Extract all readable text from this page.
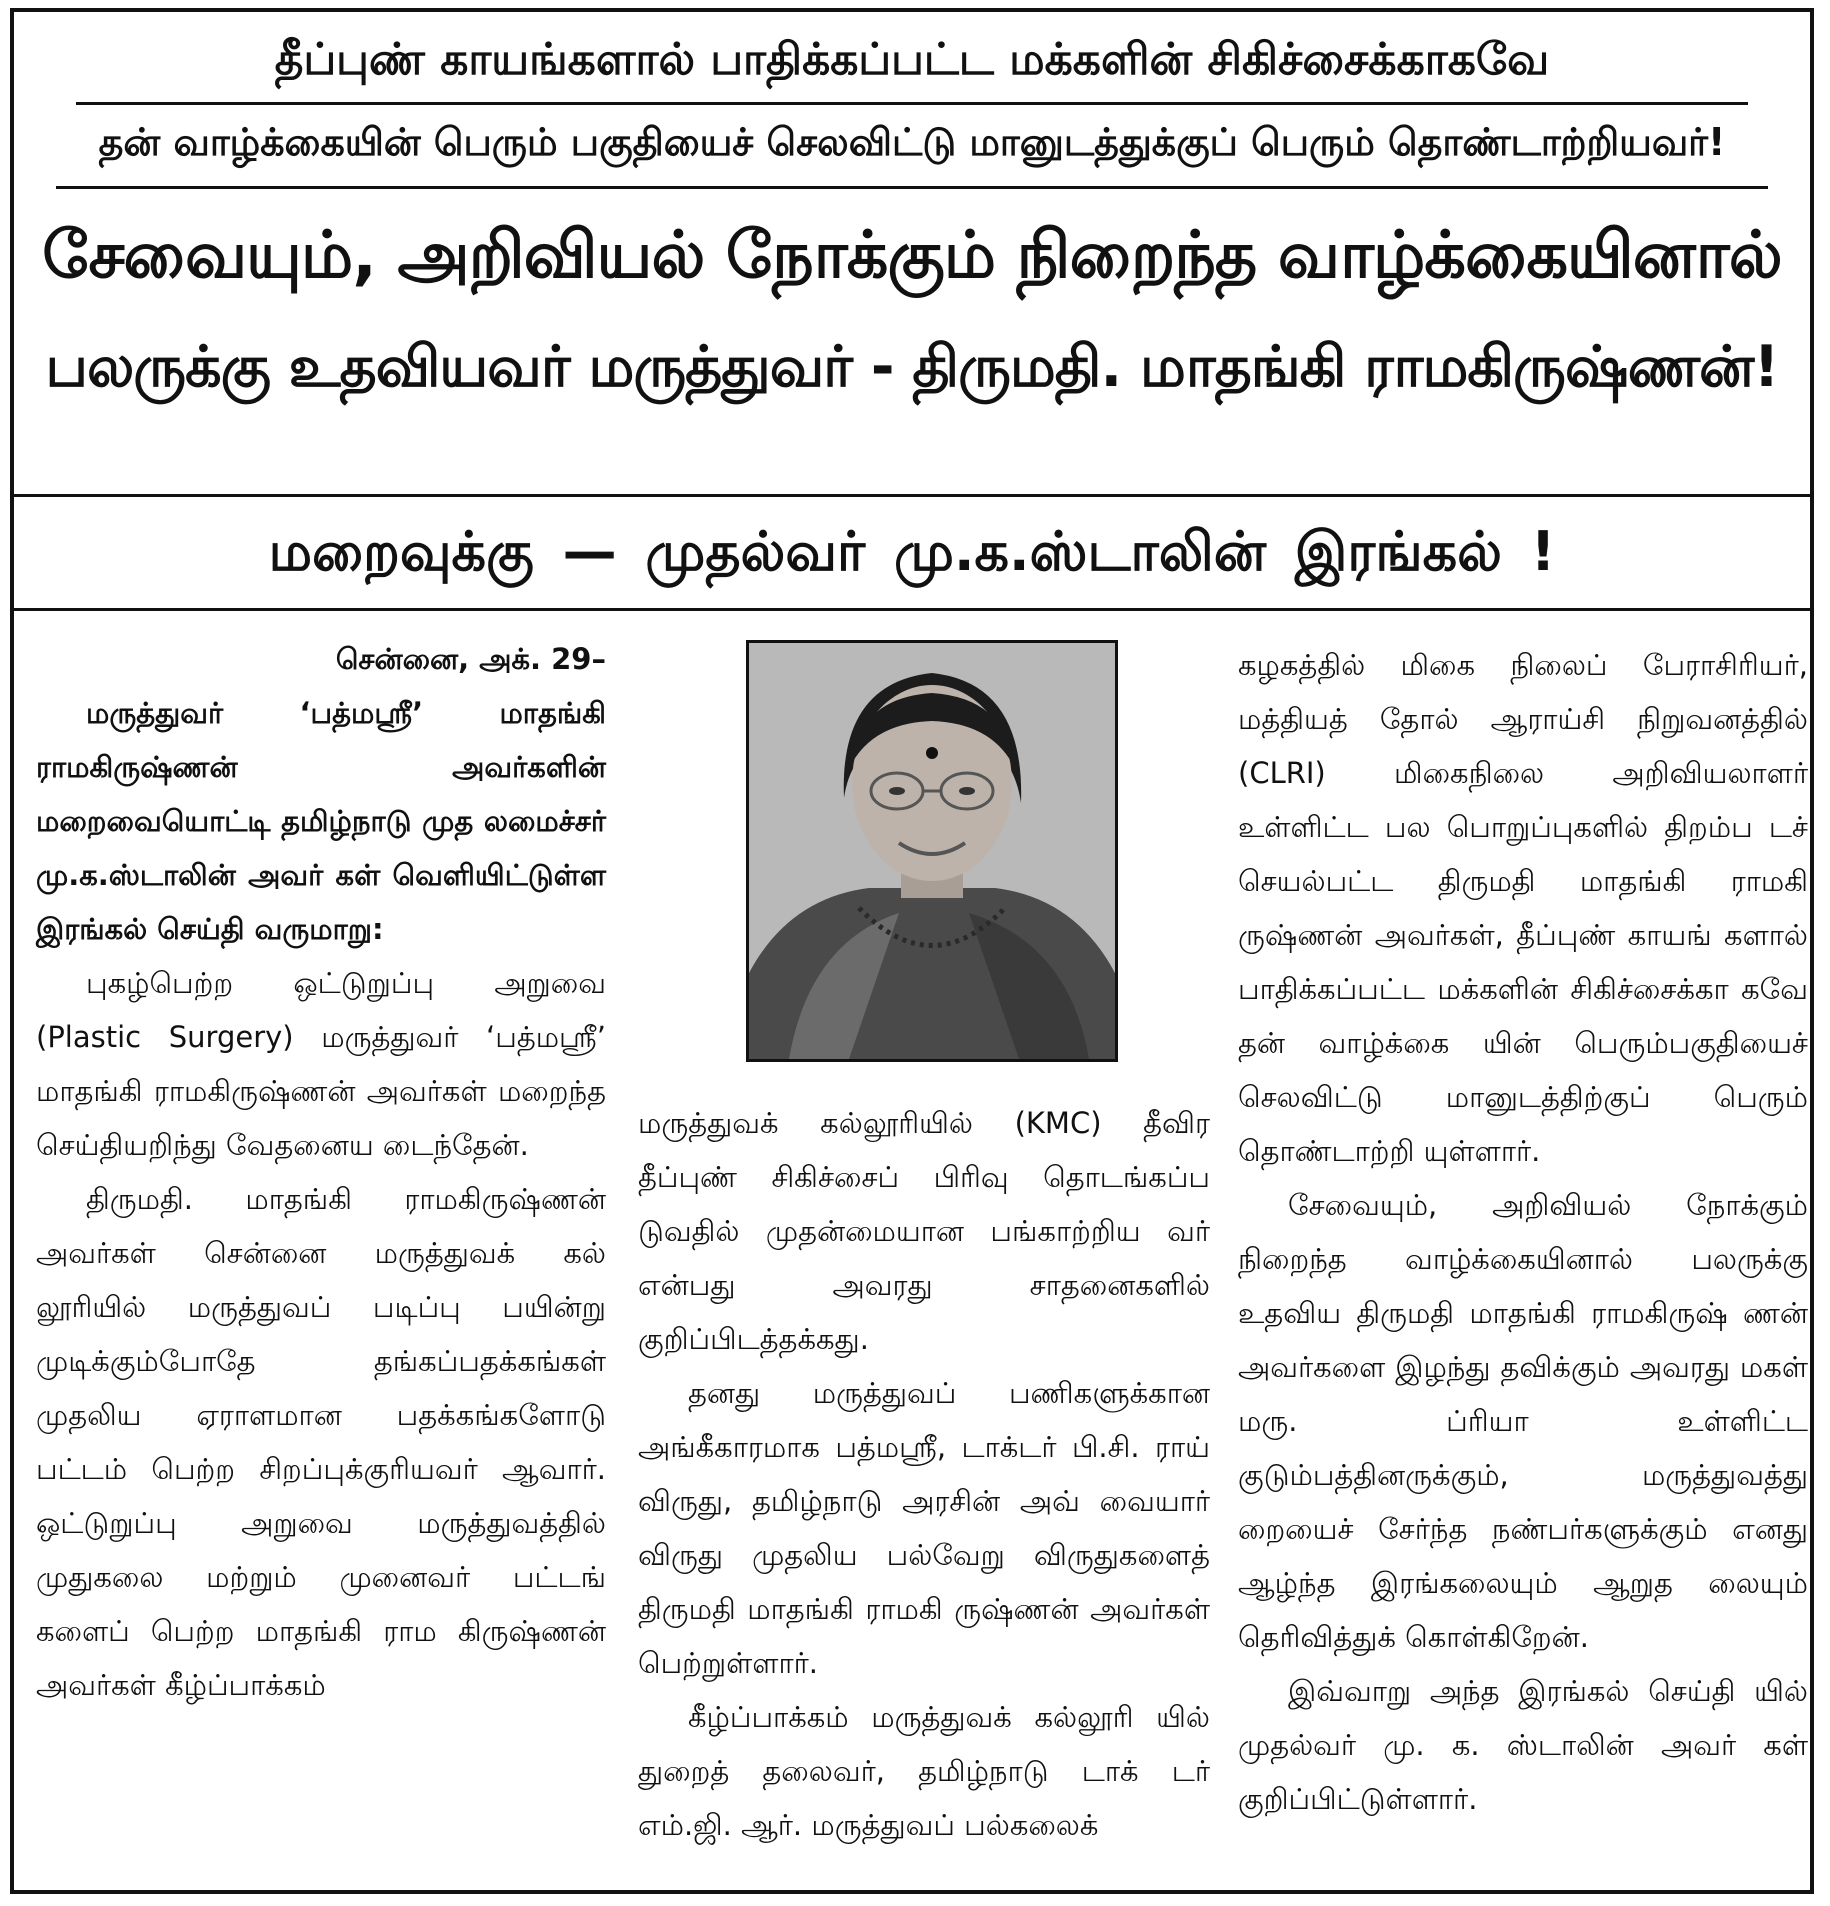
தீப்புண் காயங்களால் பாதிக்கப்பட்ட மக்களின் சிகிச்சைக்காகவே
தன் வாழ்க்கையின் பெரும் பகுதியைச் செலவிட்டு மானுடத்துக்குப் பெரும் தொண்டாற்றியவர்!
சேவையும், அறிவியல் நோக்கும் நிறைந்த வாழ்க்கையினால்
பலருக்கு உதவியவர் மருத்துவர் - திருமதி. மாதங்கி ராமகிருஷ்ணன்!
மறைவுக்கு — முதல்வர் மு.க.ஸ்டாலின் இரங்கல் !

சென்னை, அக். 29–

மருத்துவர் ‘பத்மஸ்ரீ’ மாதங்கி ராமகிருஷ்ணன் அவர்களின் மறைவையொட்டி தமிழ்நாடு முத லமைச்சர் மு.க.ஸ்டாலின் அவர் கள் வெளியிட்டுள்ள இரங்கல் செய்தி வருமாறு:

புகழ்பெற்ற ஒட்டுறுப்பு அறுவை (Plastic Surgery) மருத்துவர் ‘பத்மஸ்ரீ’ மாதங்கி ராமகிருஷ்ணன் அவர்கள் மறைந்த செய்தியறிந்து வேதனைய டைந்தேன்.

திருமதி. மாதங்கி ராமகிருஷ்ணன் அவர்கள் சென்னை மருத்துவக் கல் லூரியில் மருத்துவப் படிப்பு பயின்று முடிக்கும்போதே தங்கப்பதக்கங்கள் முதலிய ஏராளமான பதக்கங்களோடு பட்டம் பெற்ற சிறப்புக்குரியவர் ஆவார். ஒட்டுறுப்பு அறுவை மருத்துவத்தில் முதுகலை மற்றும் முனைவர் பட்டங் களைப் பெற்ற மாதங்கி ராம கிருஷ்ணன் அவர்கள் கீழ்ப்பாக்கம்

மருத்துவக் கல்லூரியில் (KMC) தீவிர தீப்புண் சிகிச்சைப் பிரிவு தொடங்கப்ப டுவதில் முதன்மையான பங்காற்றிய வர் என்பது அவரது சாதனைகளில் குறிப்பிடத்தக்கது.

தனது மருத்துவப் பணிகளுக்கான அங்கீகாரமாக பத்மஸ்ரீ, டாக்டர் பி.சி. ராய் விருது, தமிழ்நாடு அரசின் அவ் வையார் விருது முதலிய பல்வேறு விருதுகளைத் திருமதி மாதங்கி ராமகி ருஷ்ணன் அவர்கள் பெற்றுள்ளார்.

கீழ்ப்பாக்கம் மருத்துவக் கல்லூரி யில் துறைத் தலைவர், தமிழ்நாடு டாக் டர் எம்.ஜி. ஆர். மருத்துவப் பல்கலைக்

கழகத்தில் மிகை நிலைப் பேராசிரியர், மத்தியத் தோல் ஆராய்சி நிறுவனத்தில் (CLRI) மிகைநிலை அறிவியலாளர் உள்ளிட்ட பல பொறுப்புகளில் திறம்ப டச் செயல்பட்ட திருமதி மாதங்கி ராமகி ருஷ்ணன் அவர்கள், தீப்புண் காயங் களால் பாதிக்கப்பட்ட மக்களின் சிகிச்சைக்கா கவே தன் வாழ்க்கை யின் பெரும்பகுதியைச் செலவிட்டு மானுடத்திற்குப் பெரும் தொண்டாற்றி யுள்ளார்.

சேவையும், அறிவியல் நோக்கும் நிறைந்த வாழ்க்கையினால் பலருக்கு உதவிய திருமதி மாதங்கி ராமகிருஷ் ணன் அவர்களை இழந்து தவிக்கும் அவரது மகள் மரு. ப்ரியா உள்ளிட்ட குடும்பத்தினருக்கும், மருத்துவத்து றையைச் சேர்ந்த நண்பர்களுக்கும் எனது ஆழ்ந்த இரங்கலையும் ஆறுத லையும் தெரிவித்துக் கொள்கிறேன்.

இவ்வாறு அந்த இரங்கல் செய்தி யில் முதல்வர் மு. க. ஸ்டாலின் அவர் கள் குறிப்பிட்டுள்ளார்.
